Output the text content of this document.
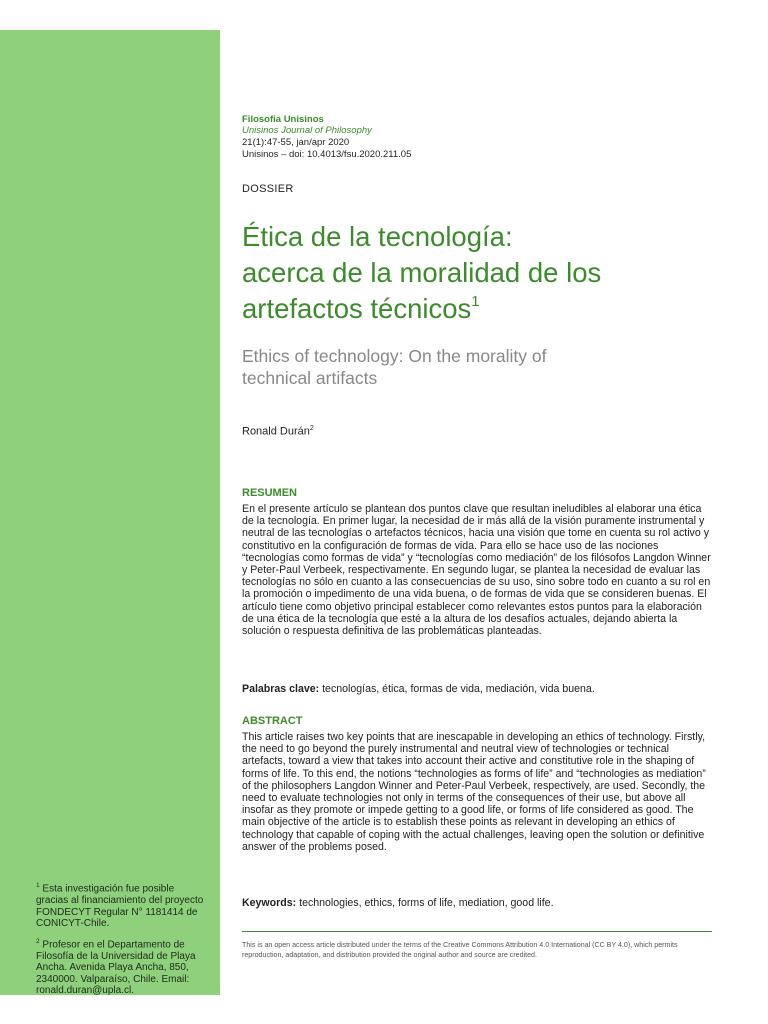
$^1$ Esta investigación fue posible gracias al financiamiento del proyecto FONDECYT Regular N° 1181414 de CONICYT-Chile.

$^2$ Profesor en el Departamento de Filosofía de la Universidad de Playa Ancha. Avenida Playa Ancha, 850, 2340000. Valparaíso, Chile. Email: ronald.duran@upla.cl.

Filosofia Unisinos
Unisinos Journal of Philosophy
21(1):47-55, jan/apr 2020
Unisinos – doi: 10.4013/fsu.2020.211.05
DOSSIER
Ética de la tecnología:
acerca de la moralidad de los
artefactos técnicos$^1$
Ethics of technology: On the morality of
technical artifacts
Ronald Durán$^2$
RESUMEN

En el presente artículo se plantean dos puntos clave que resultan ineludibles al elaborar una ética de la tecnología. En primer lugar, la necesidad de ir más allá de la visión puramente instrumental y neutral de las tecnologías o artefactos técnicos, hacia una visión que tome en cuenta su rol activo y constitutivo en la configuración de formas de vida. Para ello se hace uso de las nociones “tecnologías como formas de vida” y “tecnologías como mediación” de los filósofos Langdon Winner y Peter-Paul Verbeek, respectivamente. En segundo lugar, se plantea la necesidad de evaluar las tecnologías no sólo en cuanto a las consecuencias de su uso, sino sobre todo en cuanto a su rol en la promoción o impedimento de una vida buena, o de formas de vida que se consideren buenas. El artículo tiene como objetivo principal establecer como relevantes estos puntos para la elaboración de una ética de la tecnología que esté a la altura de los desafíos actuales, dejando abierta la solución o respuesta definitiva de las problemáticas planteadas.

Palabras clave: tecnologías, ética, formas de vida, mediación, vida buena.
ABSTRACT

This article raises two key points that are inescapable in developing an ethics of technology. Firstly, the need to go beyond the purely instrumental and neutral view of technologies or technical artefacts, toward a view that takes into account their active and constitutive role in the shaping of forms of life. To this end, the notions “technologies as forms of life” and “technologies as mediation” of the philosophers Langdon Winner and Peter-Paul Verbeek, respectively, are used. Secondly, the need to evaluate technologies not only in terms of the consequences of their use, but above all insofar as they promote or impede getting to a good life, or forms of life considered as good. The main objective of the article is to establish these points as relevant in developing an ethics of technology that capable of coping with the actual challenges, leaving open the solution or definitive answer of the problems posed.

Keywords: technologies, ethics, forms of life, mediation, good life.

This is an open access article distributed under the terms of the Creative Commons Attribution 4.0 International (CC BY 4.0), which permits reproduction, adaptation, and distribution provided the original author and source are credited.
